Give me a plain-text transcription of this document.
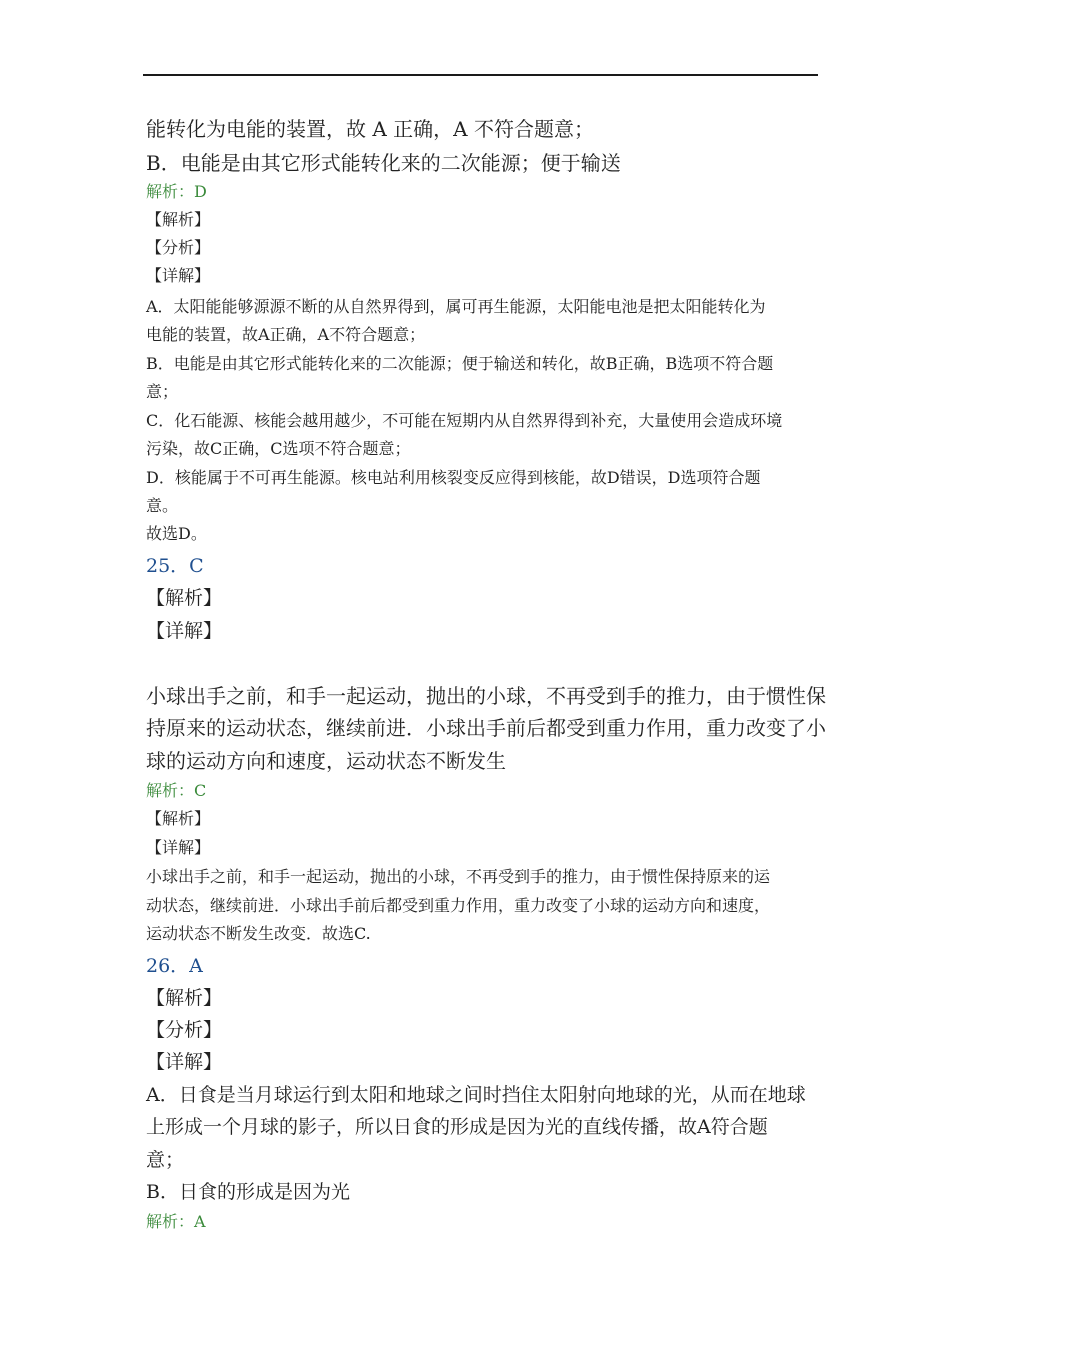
能转化为电能的装置，故 A 正确，A 不符合题意；
B．电能是由其它形式能转化来的二次能源；便于输送
解析：D
【解析】
【分析】
【详解】
A．太阳能能够源源不断的从自然界得到，属可再生能源，太阳能电池是把太阳能转化为
电能的装置，故A正确，A不符合题意；
B．电能是由其它形式能转化来的二次能源；便于输送和转化，故B正确，B选项不符合题
意；
C．化石能源、核能会越用越少，不可能在短期内从自然界得到补充，大量使用会造成环境
污染，故C正确，C选项不符合题意；
D．核能属于不可再生能源。核电站利用核裂变反应得到核能，故D错误，D选项符合题
意。
故选D。
25．C
【解析】
【详解】
小球出手之前，和手一起运动，抛出的小球，不再受到手的推力，由于惯性保
持原来的运动状态，继续前进．小球出手前后都受到重力作用，重力改变了小
球的运动方向和速度，运动状态不断发生
解析：C
【解析】
【详解】
小球出手之前，和手一起运动，抛出的小球，不再受到手的推力，由于惯性保持原来的运
动状态，继续前进．小球出手前后都受到重力作用，重力改变了小球的运动方向和速度，
运动状态不断发生改变．故选C.
26．A
【解析】
【分析】
【详解】
A．日食是当月球运行到太阳和地球之间时挡住太阳射向地球的光，从而在地球
上形成一个月球的影子，所以日食的形成是因为光的直线传播，故A符合题
意；
B．日食的形成是因为光
解析：A
